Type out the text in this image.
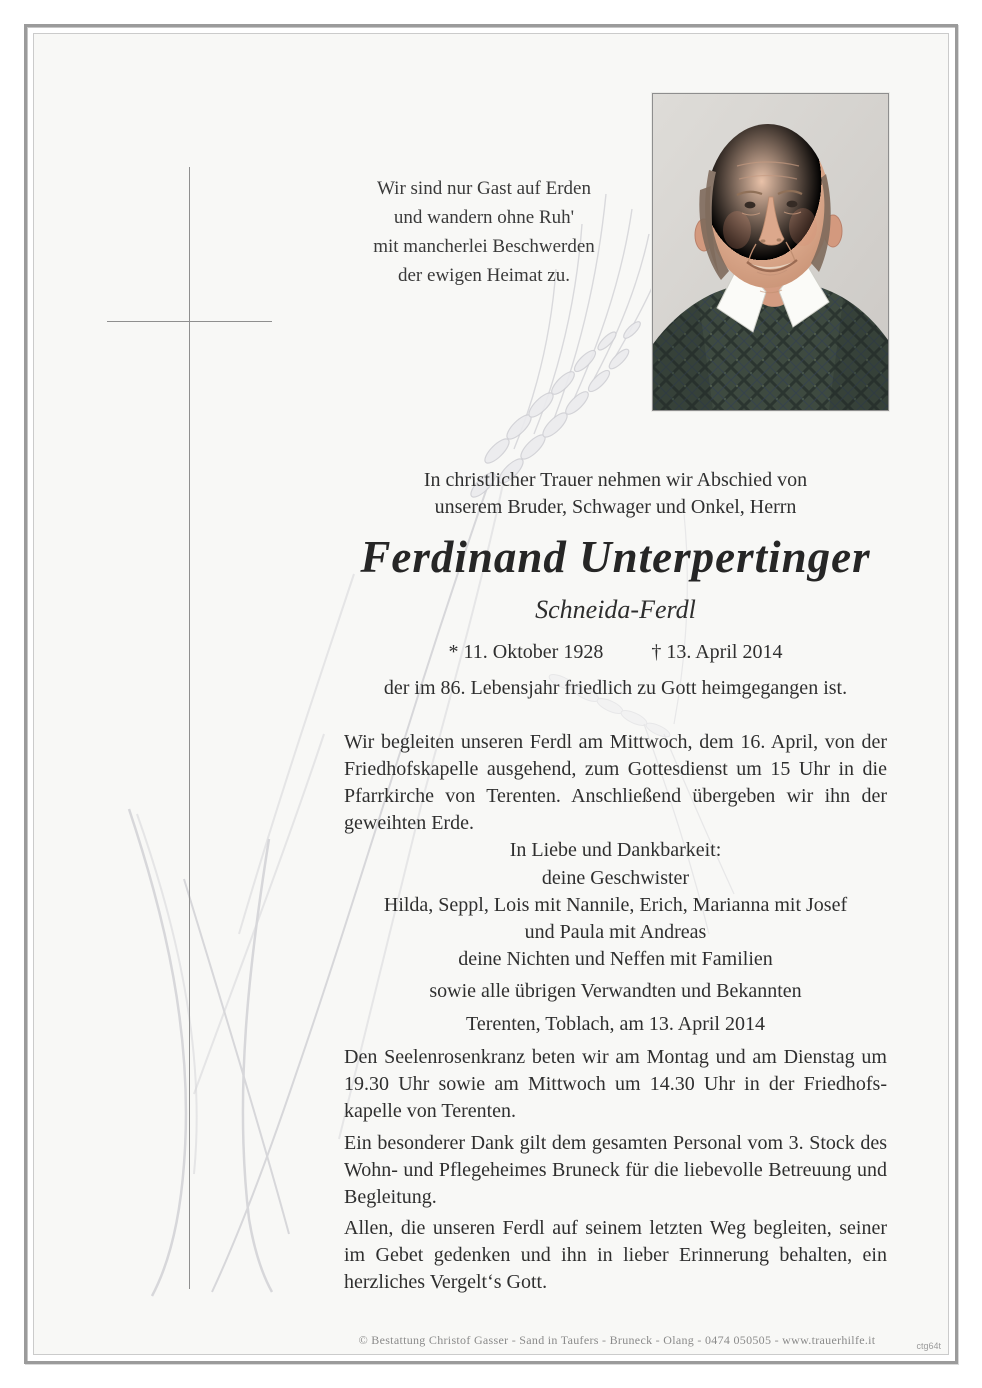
Wir sind nur Gast auf Erden
und wandern ohne Ruh'
mit mancherlei Beschwerden
der ewigen Heimat zu.
In christlicher Trauer nehmen wir Abschied von
unserem Bruder, Schwager und Onkel, Herrn
Ferdinand Unterpertinger
Schneida-Ferdl
* 11. Oktober 1928 † 13. April 2014
der im 86. Lebensjahr friedlich zu Gott heimgegangen ist.
Wir begleiten unseren Ferdl am Mittwoch, dem 16. April, von der Friedhofskapelle ausgehend, zum Gottesdienst um 15 Uhr in die Pfarrkirche von Terenten. Anschließend übergeben wir ihn der geweihten Erde.
In Liebe und Dankbarkeit:
deine Geschwister
Hilda, Seppl, Lois mit Nannile, Erich, Marianna mit Josef
und Paula mit Andreas
deine Nichten und Neffen mit Familien
sowie alle übrigen Verwandten und Bekannten
Terenten, Toblach, am 13. April 2014
Den Seelenrosenkranz beten wir am Montag und am Dienstag um 19.30 Uhr sowie am Mittwoch um 14.30 Uhr in der Friedhofskapelle von Terenten.
Ein besonderer Dank gilt dem gesamten Personal vom 3. Stock des Wohn- und Pflegeheimes Bruneck für die liebevolle Betreuung und Begleitung.
Allen, die unseren Ferdl auf seinem letzten Weg begleiten, seiner im Gebet gedenken und ihn in lieber Erinnerung behalten, ein herzliches Vergelt‘s Gott.
© Bestattung Christof Gasser - Sand in Taufers - Bruneck - Olang - 0474 050505 - www.trauerhilfe.it	ctg64t
